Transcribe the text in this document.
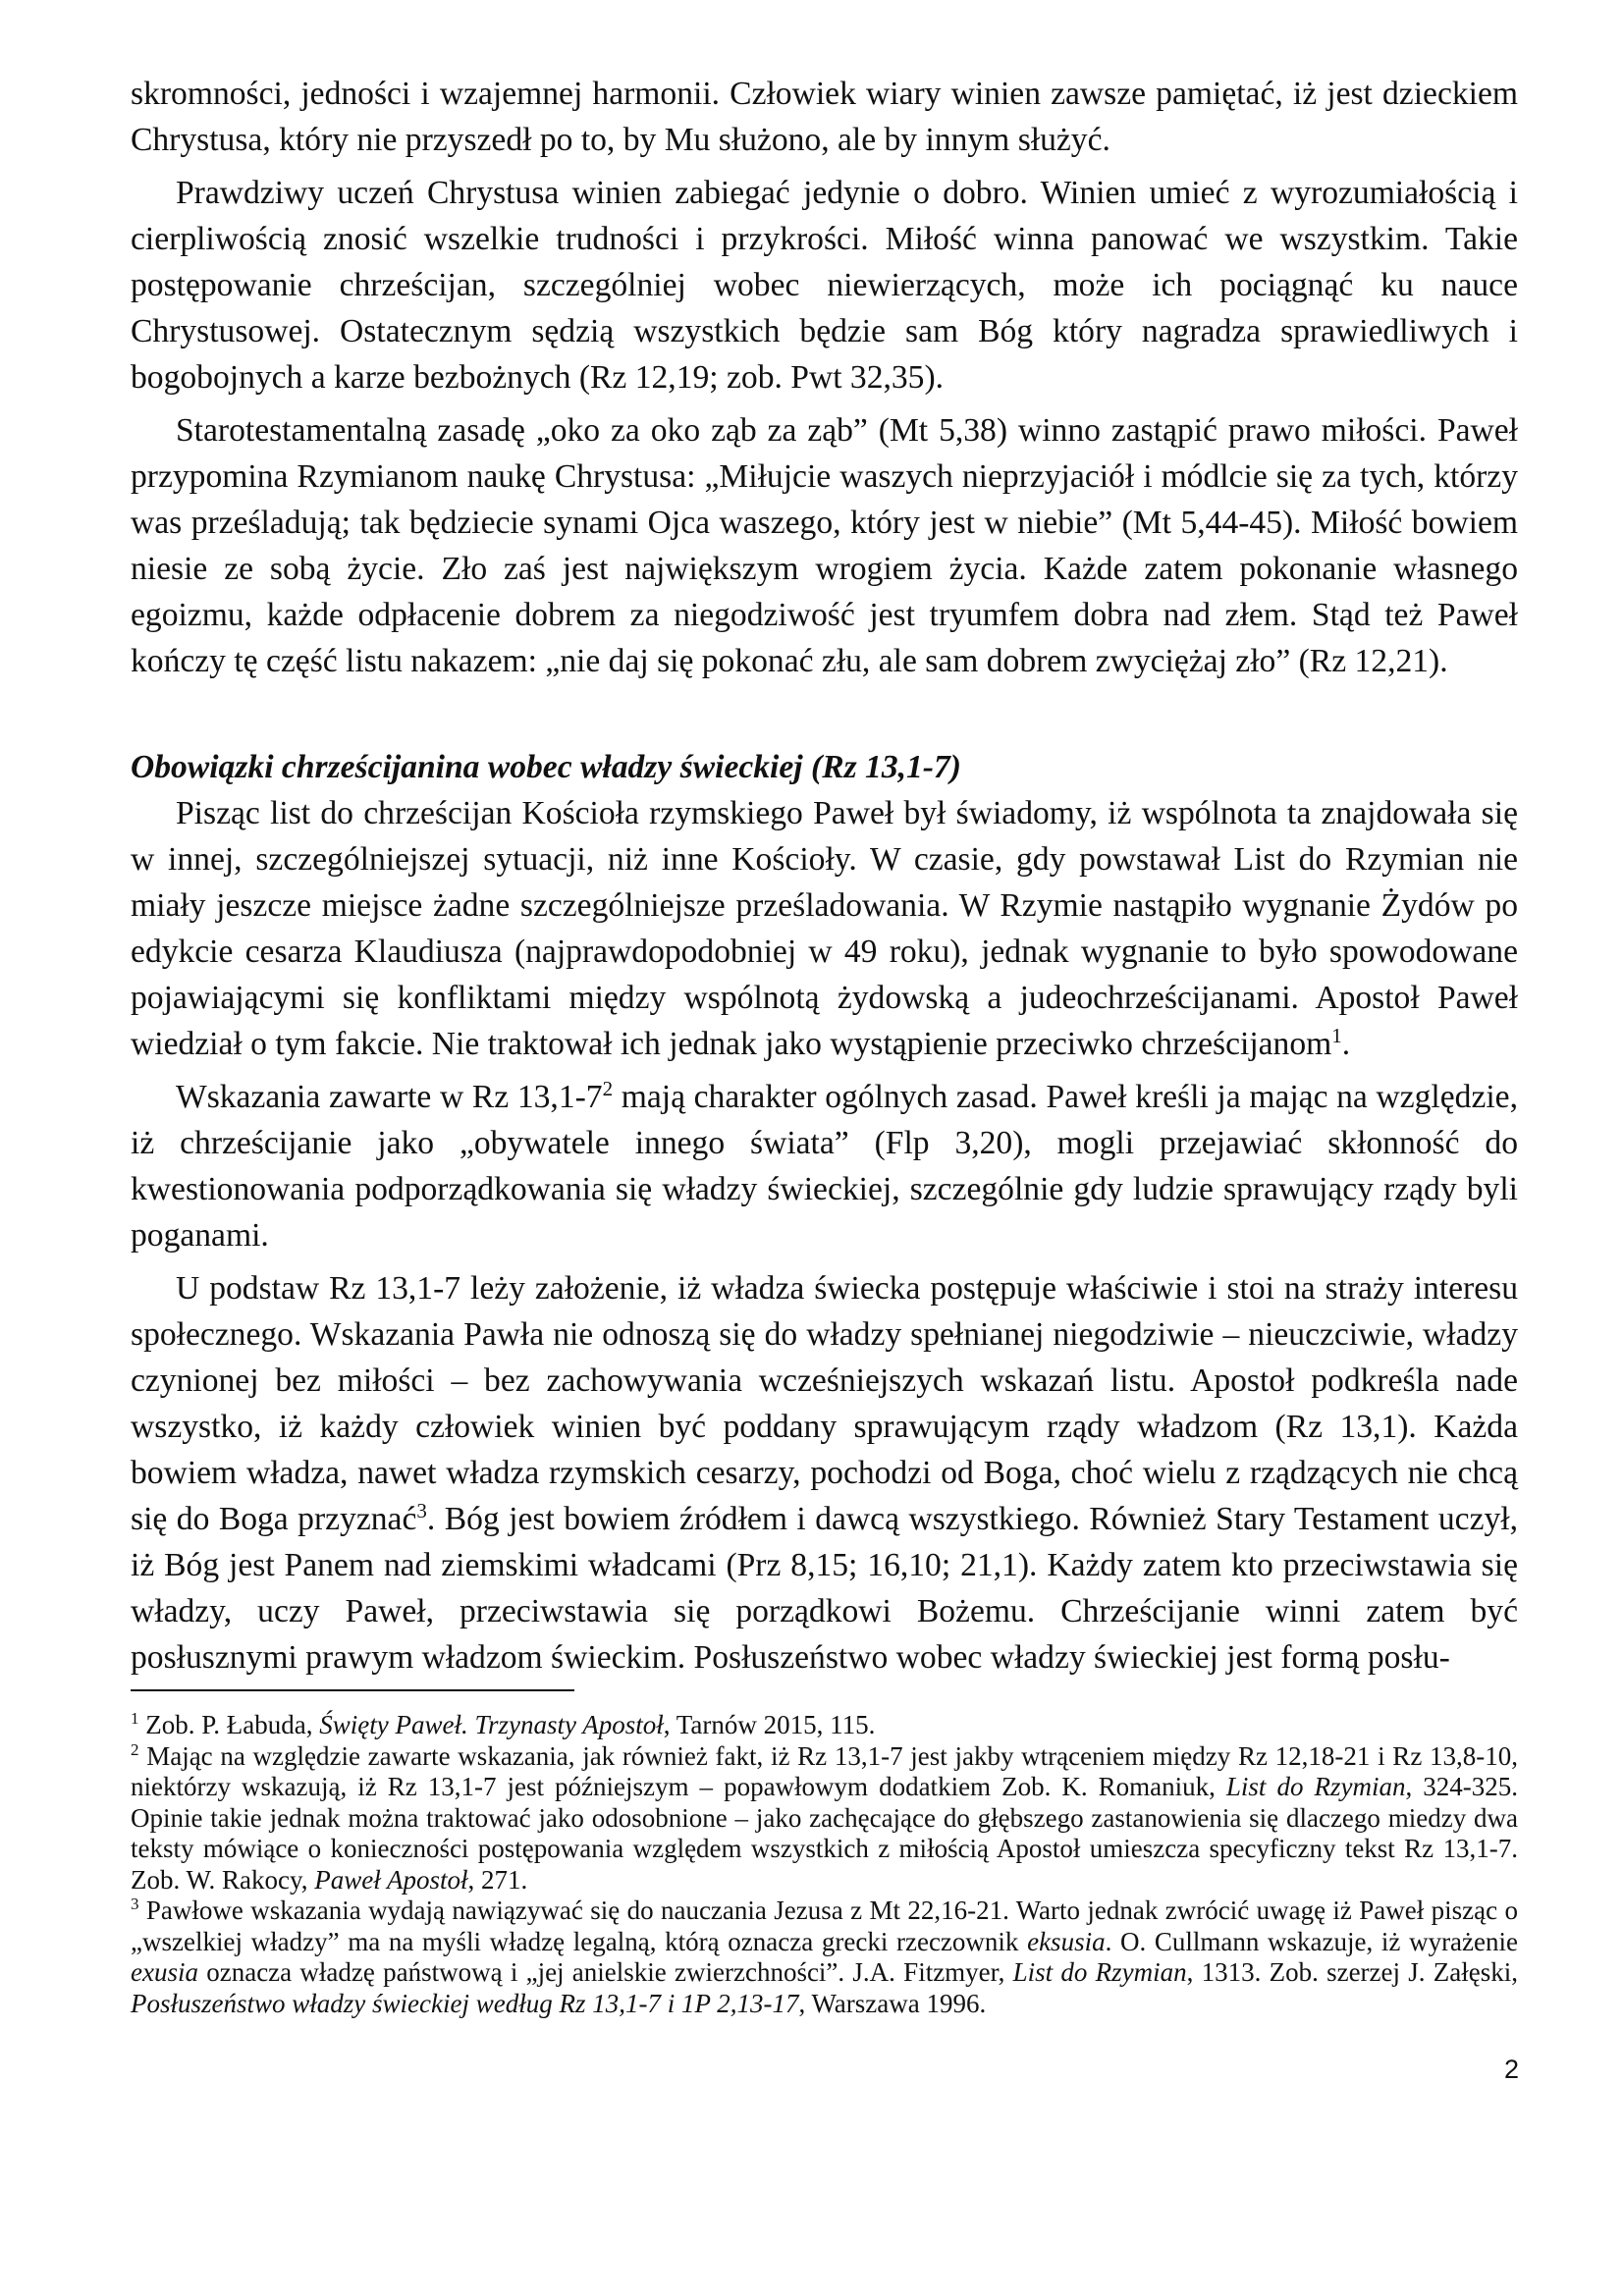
skromności, jedności i wzajemnej harmonii. Człowiek wiary winien zawsze pamiętać, iż jest dzieckiem Chrystusa, który nie przyszedł po to, by Mu służono, ale by innym służyć.

Prawdziwy uczeń Chrystusa winien zabiegać jedynie o dobro. Winien umieć z wyrozumiałością i cierpliwością znosić wszelkie trudności i przykrości. Miłość winna panować we wszystkim. Takie postępowanie chrześcijan, szczególniej wobec niewierzących, może ich pociągnąć ku nauce Chrystusowej. Ostatecznym sędzią wszystkich będzie sam Bóg który nagradza sprawiedliwych i bogobojnych a karze bezbożnych (Rz 12,19; zob. Pwt 32,35).

Starotestamentalną zasadę „oko za oko ząb za ząb” (Mt 5,38) winno zastąpić prawo miłości. Paweł przypomina Rzymianom naukę Chrystusa: „Miłujcie waszych nieprzyjaciół i módlcie się za tych, którzy was prześladują; tak będziecie synami Ojca waszego, który jest w niebie” (Mt 5,44-45). Miłość bowiem niesie ze sobą życie. Zło zaś jest największym wrogiem życia. Każde zatem pokonanie własnego egoizmu, każde odpłacenie dobrem za niegodziwość jest tryumfem dobra nad złem. Stąd też Paweł kończy tę część listu nakazem: „nie daj się pokonać złu, ale sam dobrem zwyciężaj zło” (Rz 12,21).

Obowiązki chrześcijanina wobec władzy świeckiej (Rz 13,1-7)

Pisząc list do chrześcijan Kościoła rzymskiego Paweł był świadomy, iż wspólnota ta znajdowała się w innej, szczególniejszej sytuacji, niż inne Kościoły. W czasie, gdy powstawał List do Rzymian nie miały jeszcze miejsce żadne szczególniejsze prześladowania. W Rzymie nastąpiło wygnanie Żydów po edykcie cesarza Klaudiusza (najprawdopodobniej w 49 roku), jednak wygnanie to było spowodowane pojawiającymi się konfliktami między wspólnotą żydowską a judeochrześcijanami. Apostoł Paweł wiedział o tym fakcie. Nie traktował ich jednak jako wystąpienie przeciwko chrześcijanom$^1$.

Wskazania zawarte w Rz $13,1-7^2$ mają charakter ogólnych zasad. Paweł kreśli ja mając na względzie, iż chrześcijanie jako „obywatele innego świata” (Flp 3,20), mogli przejawiać skłonność do kwestionowania podporządkowania się władzy świeckiej, szczególnie gdy ludzie sprawujący rządy byli poganami.

U podstaw Rz 13,1-7 leży założenie, iż władza świecka postępuje właściwie i stoi na straży interesu społecznego. Wskazania Pawła nie odnoszą się do władzy spełnianej niegodziwie – nieuczciwie, władzy czynionej bez miłości – bez zachowywania wcześniejszych wskazań listu. Apostoł podkreśla nade wszystko, iż każdy człowiek winien być poddany sprawującym rządy władzom (Rz 13,1). Każda bowiem władza, nawet władza rzymskich cesarzy, pochodzi od Boga, choć wielu z rządzących nie chcą się do Boga przyznać$^3$. Bóg jest bowiem źródłem i dawcą wszystkiego. Również Stary Testament uczył, iż Bóg jest Panem nad ziemskimi władcami (Prz 8,15; 16,10; 21,1). Każdy zatem kto przeciwstawia się władzy, uczy Paweł, przeciwstawia się porządkowi Bożemu. Chrześcijanie winni zatem być posłusznymi prawym władzom świeckim. Posłuszeństwo wobec władzy świeckiej jest formą posłu-

$^1$ Zob. P. Łabuda, Święty Paweł. Trzynasty Apostoł, Tarnów 2015, 115.

$^2$ Mając na względzie zawarte wskazania, jak również fakt, iż Rz 13,1-7 jest jakby wtrąceniem między Rz 12,18-21 i Rz 13,8-10, niektórzy wskazują, iż Rz 13,1-7 jest późniejszym – popawłowym dodatkiem Zob. K. Romaniuk, List do Rzymian, 324-325. Opinie takie jednak można traktować jako odosobnione – jako zachęcające do głębszego zastanowienia się dlaczego miedzy dwa teksty mówiące o konieczności postępowania względem wszystkich z miłością Apostoł umieszcza specyficzny tekst Rz 13,1-7. Zob. W. Rakocy, Paweł Apostoł, 271.

$^3$ Pawłowe wskazania wydają nawiązywać się do nauczania Jezusa z Mt 22,16-21. Warto jednak zwrócić uwagę iż Paweł pisząc o „wszelkiej władzy” ma na myśli władzę legalną, którą oznacza grecki rzeczownik eksusia. O. Cullmann wskazuje, iż wyrażenie exusia oznacza władzę państwową i „jej anielskie zwierzchności”. J.A. Fitzmyer, List do Rzymian, 1313. Zob. szerzej J. Załęski, Posłuszeństwo władzy świeckiej według Rz 13,1-7 i 1P 2,13-17, Warszawa 1996.

2
